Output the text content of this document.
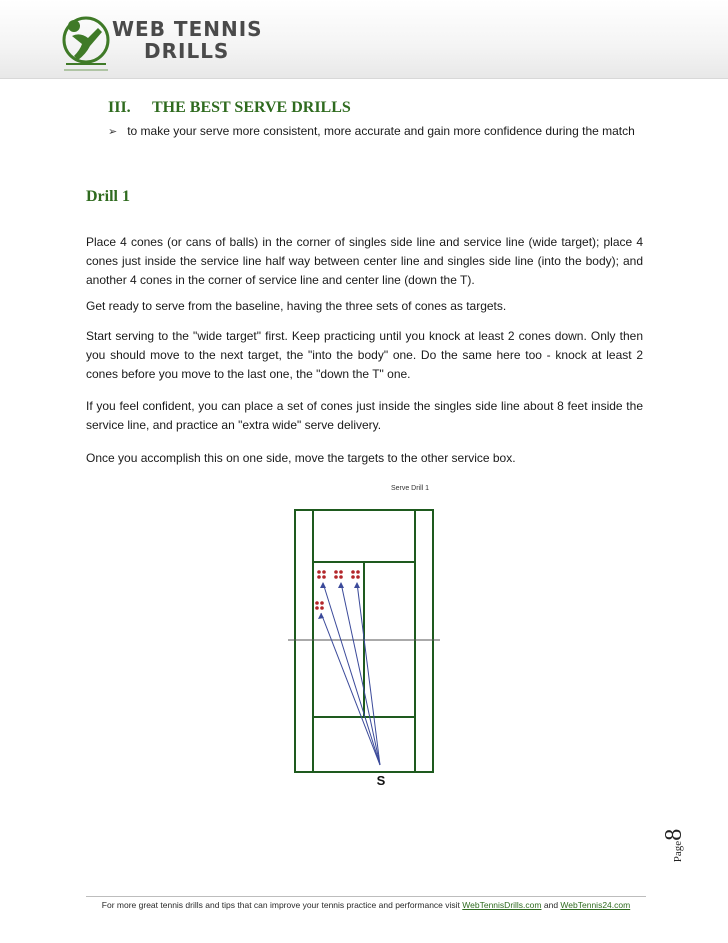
WEB TENNIS
DRILLS
III. THE BEST SERVE DRILLS
➢ to make your serve more consistent, more accurate and gain more confidence during the match
Drill 1
Place 4 cones (or cans of balls) in the corner of singles side line and service line (wide target); place 4 cones just inside the service line half way between center line and singles side line (into the body); and another 4 cones in the corner of service line and center line (down the T).
Get ready to serve from the baseline, having the three sets of cones as targets.
Start serving to the "wide target" first. Keep practicing until you knock at least 2 cones down. Only then you should move to the next target, the "into the body" one. Do the same here too - knock at least 2 cones before you move to the last one, the "down the T" one.
If you feel confident, you can place a set of cones just inside the singles side line about 8 feet inside the service line, and practice an "extra wide" serve delivery.
Once you accomplish this on one side, move the targets to the other service box.
Serve Drill 1
S
Page8
For more great tennis drills and tips that can improve your tennis practice and performance visit WebTennisDrills.com and WebTennis24.com
